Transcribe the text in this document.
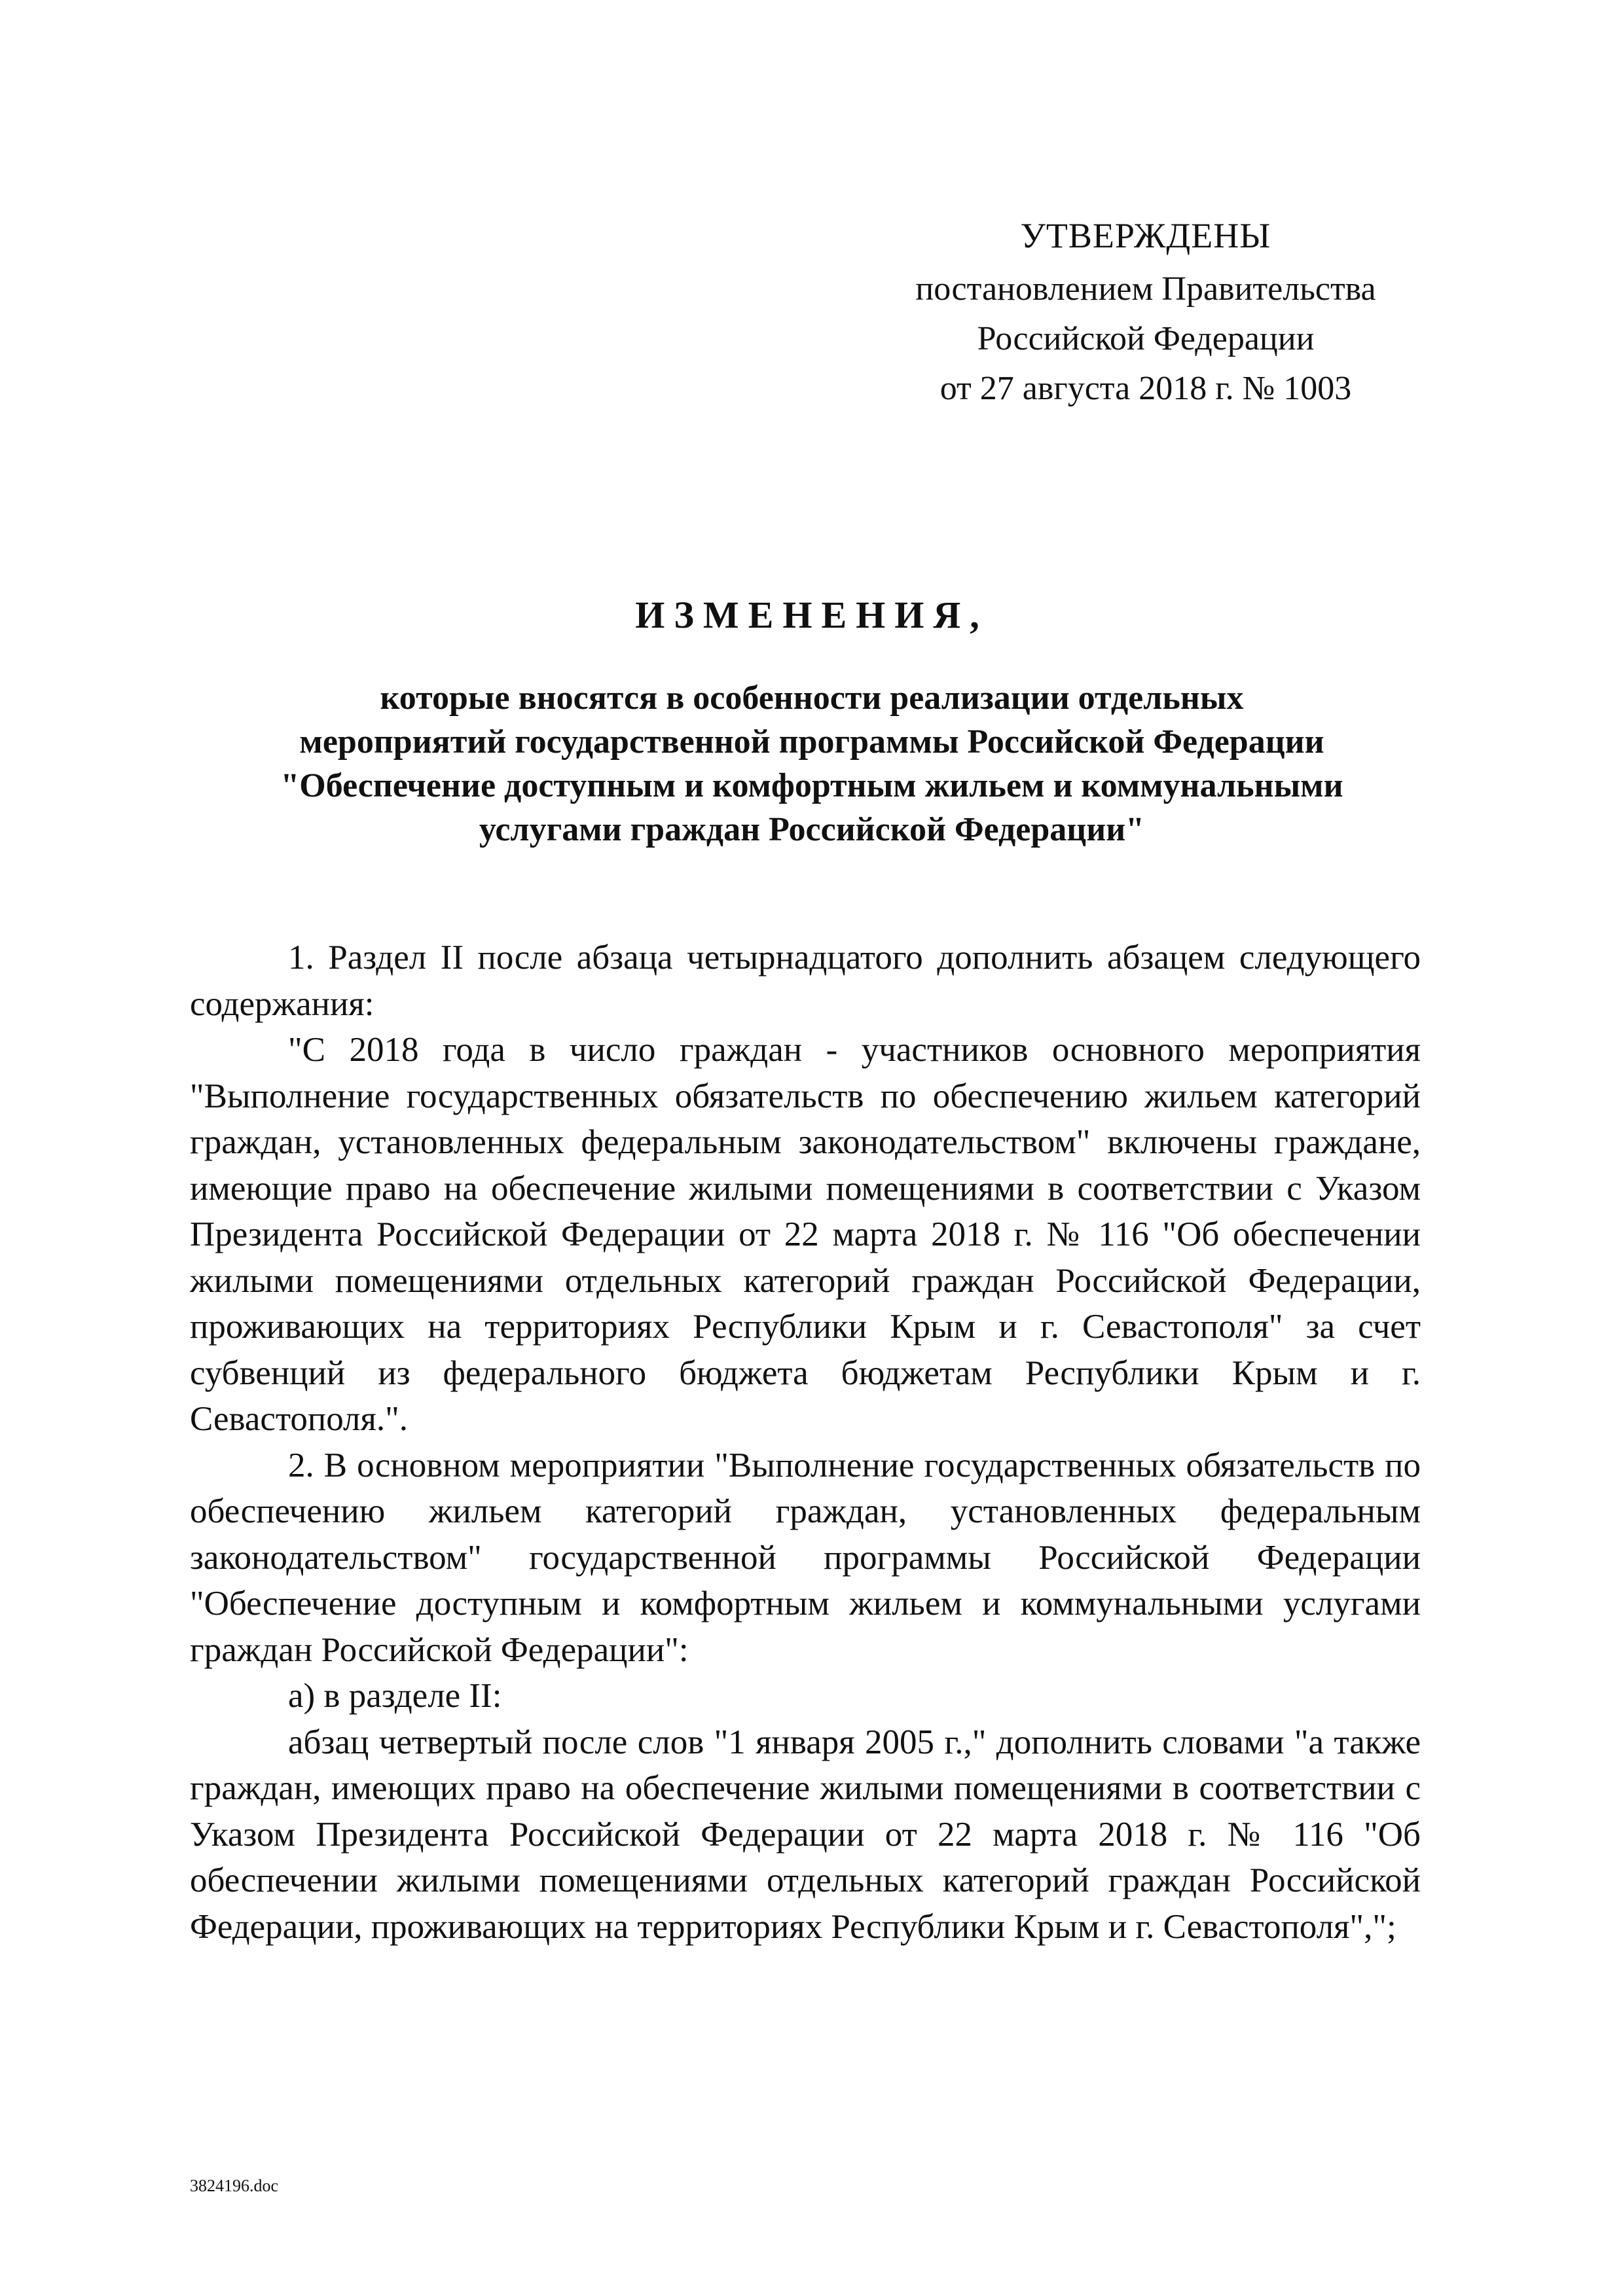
УТВЕРЖДЕНЫ
постановлением Правительства
Российской Федерации
от 27 августа 2018 г. № 1003
ИЗМЕНЕНИЯ,
которые вносятся в особенности реализации отдельных
мероприятий государственной программы Российской Федерации
"Обеспечение доступным и комфортным жильем и коммунальными
услугами граждан Российской Федерации"

1. Раздел II после абзаца четырнадцатого дополнить абзацем следующего содержания:

"С 2018 года в число граждан - участников основного мероприятия "Выполнение государственных обязательств по обеспечению жильем категорий граждан, установленных федеральным законодательством" включены граждане, имеющие право на обеспечение жилыми помещениями в соответствии с Указом Президента Российской Федерации от 22 марта 2018 г. № 116 "Об обеспечении жилыми помещениями отдельных категорий граждан Российской Федерации, проживающих на территориях Республики Крым и г. Севастополя" за счет субвенций из федерального бюджета бюджетам Республики Крым и г. Севастополя.".

2. В основном мероприятии "Выполнение государственных обязательств по обеспечению жильем категорий граждан, установленных федеральным законодательством" государственной программы Российской Федерации "Обеспечение доступным и комфортным жильем и коммунальными услугами граждан Российской Федерации":

а) в разделе II:

абзац четвертый после слов "1 января 2005 г.," дополнить словами "а также граждан, имеющих право на обеспечение жилыми помещениями в соответствии с Указом Президента Российской Федерации от 22 марта 2018 г. № 116 "Об обеспечении жилыми помещениями отдельных категорий граждан Российской Федерации, проживающих на территориях Республики Крым и г. Севастополя",";

3824196.doc
